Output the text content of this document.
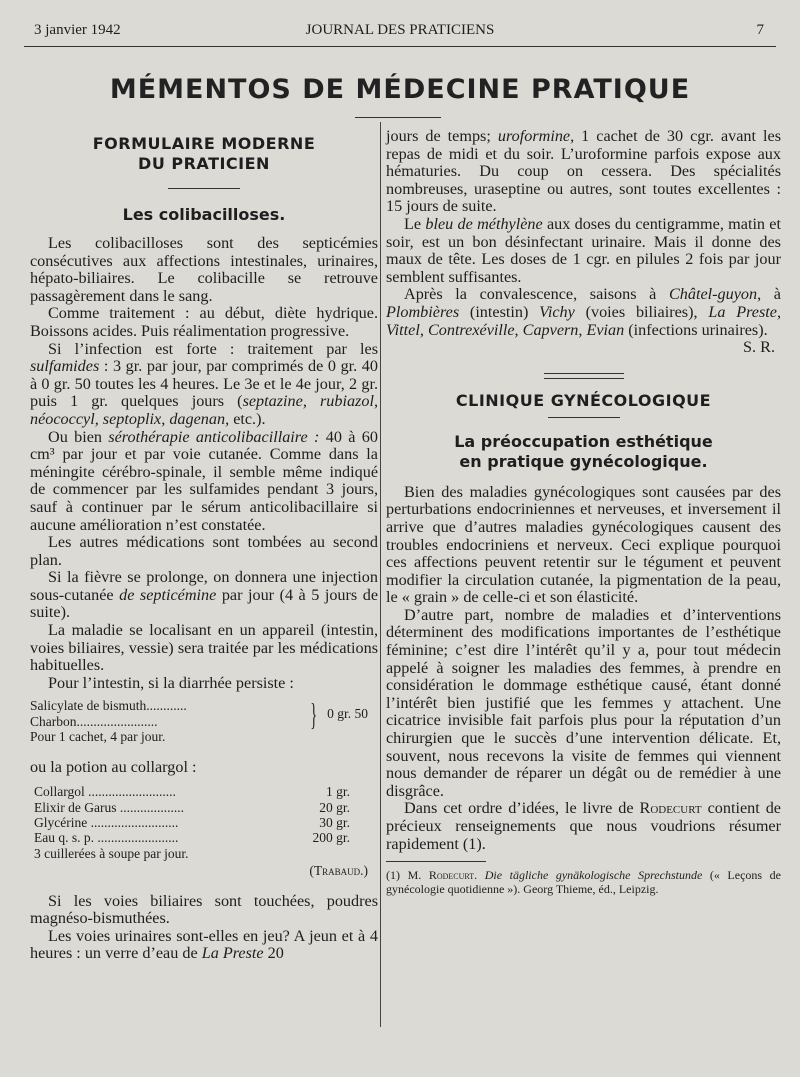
3 janvier 1942	JOURNAL DES PRATICIENS	7
MÉMENTOS DE MÉDECINE PRATIQUE
FORMULAIRE MODERNE
DU PRATICIEN
Les colibacilloses.

Les colibacilloses sont des septicémies consécutives aux affections intestinales, urinaires, hépato-biliaires. Le colibacille se retrouve passagèrement dans le sang.

Comme traitement : au début, diète hydrique. Boissons acides. Puis réalimentation progressive.

Si l’infection est forte : traitement par les sulfamides : 3 gr. par jour, par comprimés de 0 gr. 40 à 0 gr. 50 toutes les 4 heures. Le 3e et le 4e jour, 2 gr. puis 1 gr. quelques jours (septazine, rubiazol, néococcyl, septoplix, dagenan, etc.).

Ou bien sérothérapie anticolibacillaire : 40 à 60 cm³ par jour et par voie cutanée. Comme dans la méningite cérébro-spinale, il semble même indiqué de commencer par les sulfamides pendant 3 jours, sauf à continuer par le sérum anticolibacillaire si aucune amélioration n’est constatée.

Les autres médications sont tombées au second plan.

Si la fièvre se prolonge, on donnera une injection sous-cutanée de septicémine par jour (4 à 5 jours de suite).

La maladie se localisant en un appareil (intestin, voies biliaires, vessie) sera traitée par les médications habituelles.

Pour l’intestin, si la diarrhée persiste :

Salicylate de bismuth............
Charbon........................	} 0 gr. 50
Pour 1 cachet, 4 par jour.

ou la potion au collargol :

Collargol ..........................	1 gr.
Elixir de Garus ...................	20 gr.
Glycérine ..........................	30 gr.
Eau q. s. p. ........................	200 gr.
3 cuillerées à soupe par jour.
(Trabaud.)

Si les voies biliaires sont touchées, poudres magnéso-bismuthées.

Les voies urinaires sont-elles en jeu? A jeun et à 4 heures : un verre d’eau de La Preste 20

jours de temps; uroformine, 1 cachet de 30 cgr. avant les repas de midi et du soir. L’uroformine parfois expose aux hématuries. Du coup on cessera. Des spécialités nombreuses, uraseptine ou autres, sont toutes excellentes : 15 jours de suite.

Le bleu de méthylène aux doses du centigramme, matin et soir, est un bon désinfectant urinaire. Mais il donne des maux de tête. Les doses de 1 cgr. en pilules 2 fois par jour semblent suffisantes.

Après la convalescence, saisons à Châtel-guyon, à Plombières (intestin) Vichy (voies biliaires), La Preste, Vittel, Contrexéville, Capvern, Evian (infections urinaires).

S. R.
CLINIQUE GYNÉCOLOGIQUE
La préoccupation esthétique
en pratique gynécologique.

Bien des maladies gynécologiques sont causées par des perturbations endocriniennes et nerveuses, et inversement il arrive que d’autres maladies gynécologiques causent des troubles endocriniens et nerveux. Ceci explique pourquoi ces affections peuvent retentir sur le tégument et peuvent modifier la circulation cutanée, la pigmentation de la peau, le « grain » de celle-ci et son élasticité.

D’autre part, nombre de maladies et d’interventions déterminent des modifications importantes de l’esthétique féminine; c’est dire l’intérêt qu’il y a, pour tout médecin appelé à soigner les maladies des femmes, à prendre en considération le dommage esthétique causé, étant donné l’intérêt bien justifié que les femmes y attachent. Une cicatrice invisible fait parfois plus pour la réputation d’un chirurgien que le succès d’une intervention délicate. Et, souvent, nous recevons la visite de femmes qui viennent nous demander de réparer un dégât ou de remédier à une disgrâce.

Dans cet ordre d’idées, le livre de Rodecurt contient de précieux renseignements que nous voudrions résumer rapidement (1).

(1) M. Rodecurt. Die tägliche gynäkologische Sprechstunde (« Leçons de gynécologie quotidienne »). Georg Thieme, éd., Leipzig.
